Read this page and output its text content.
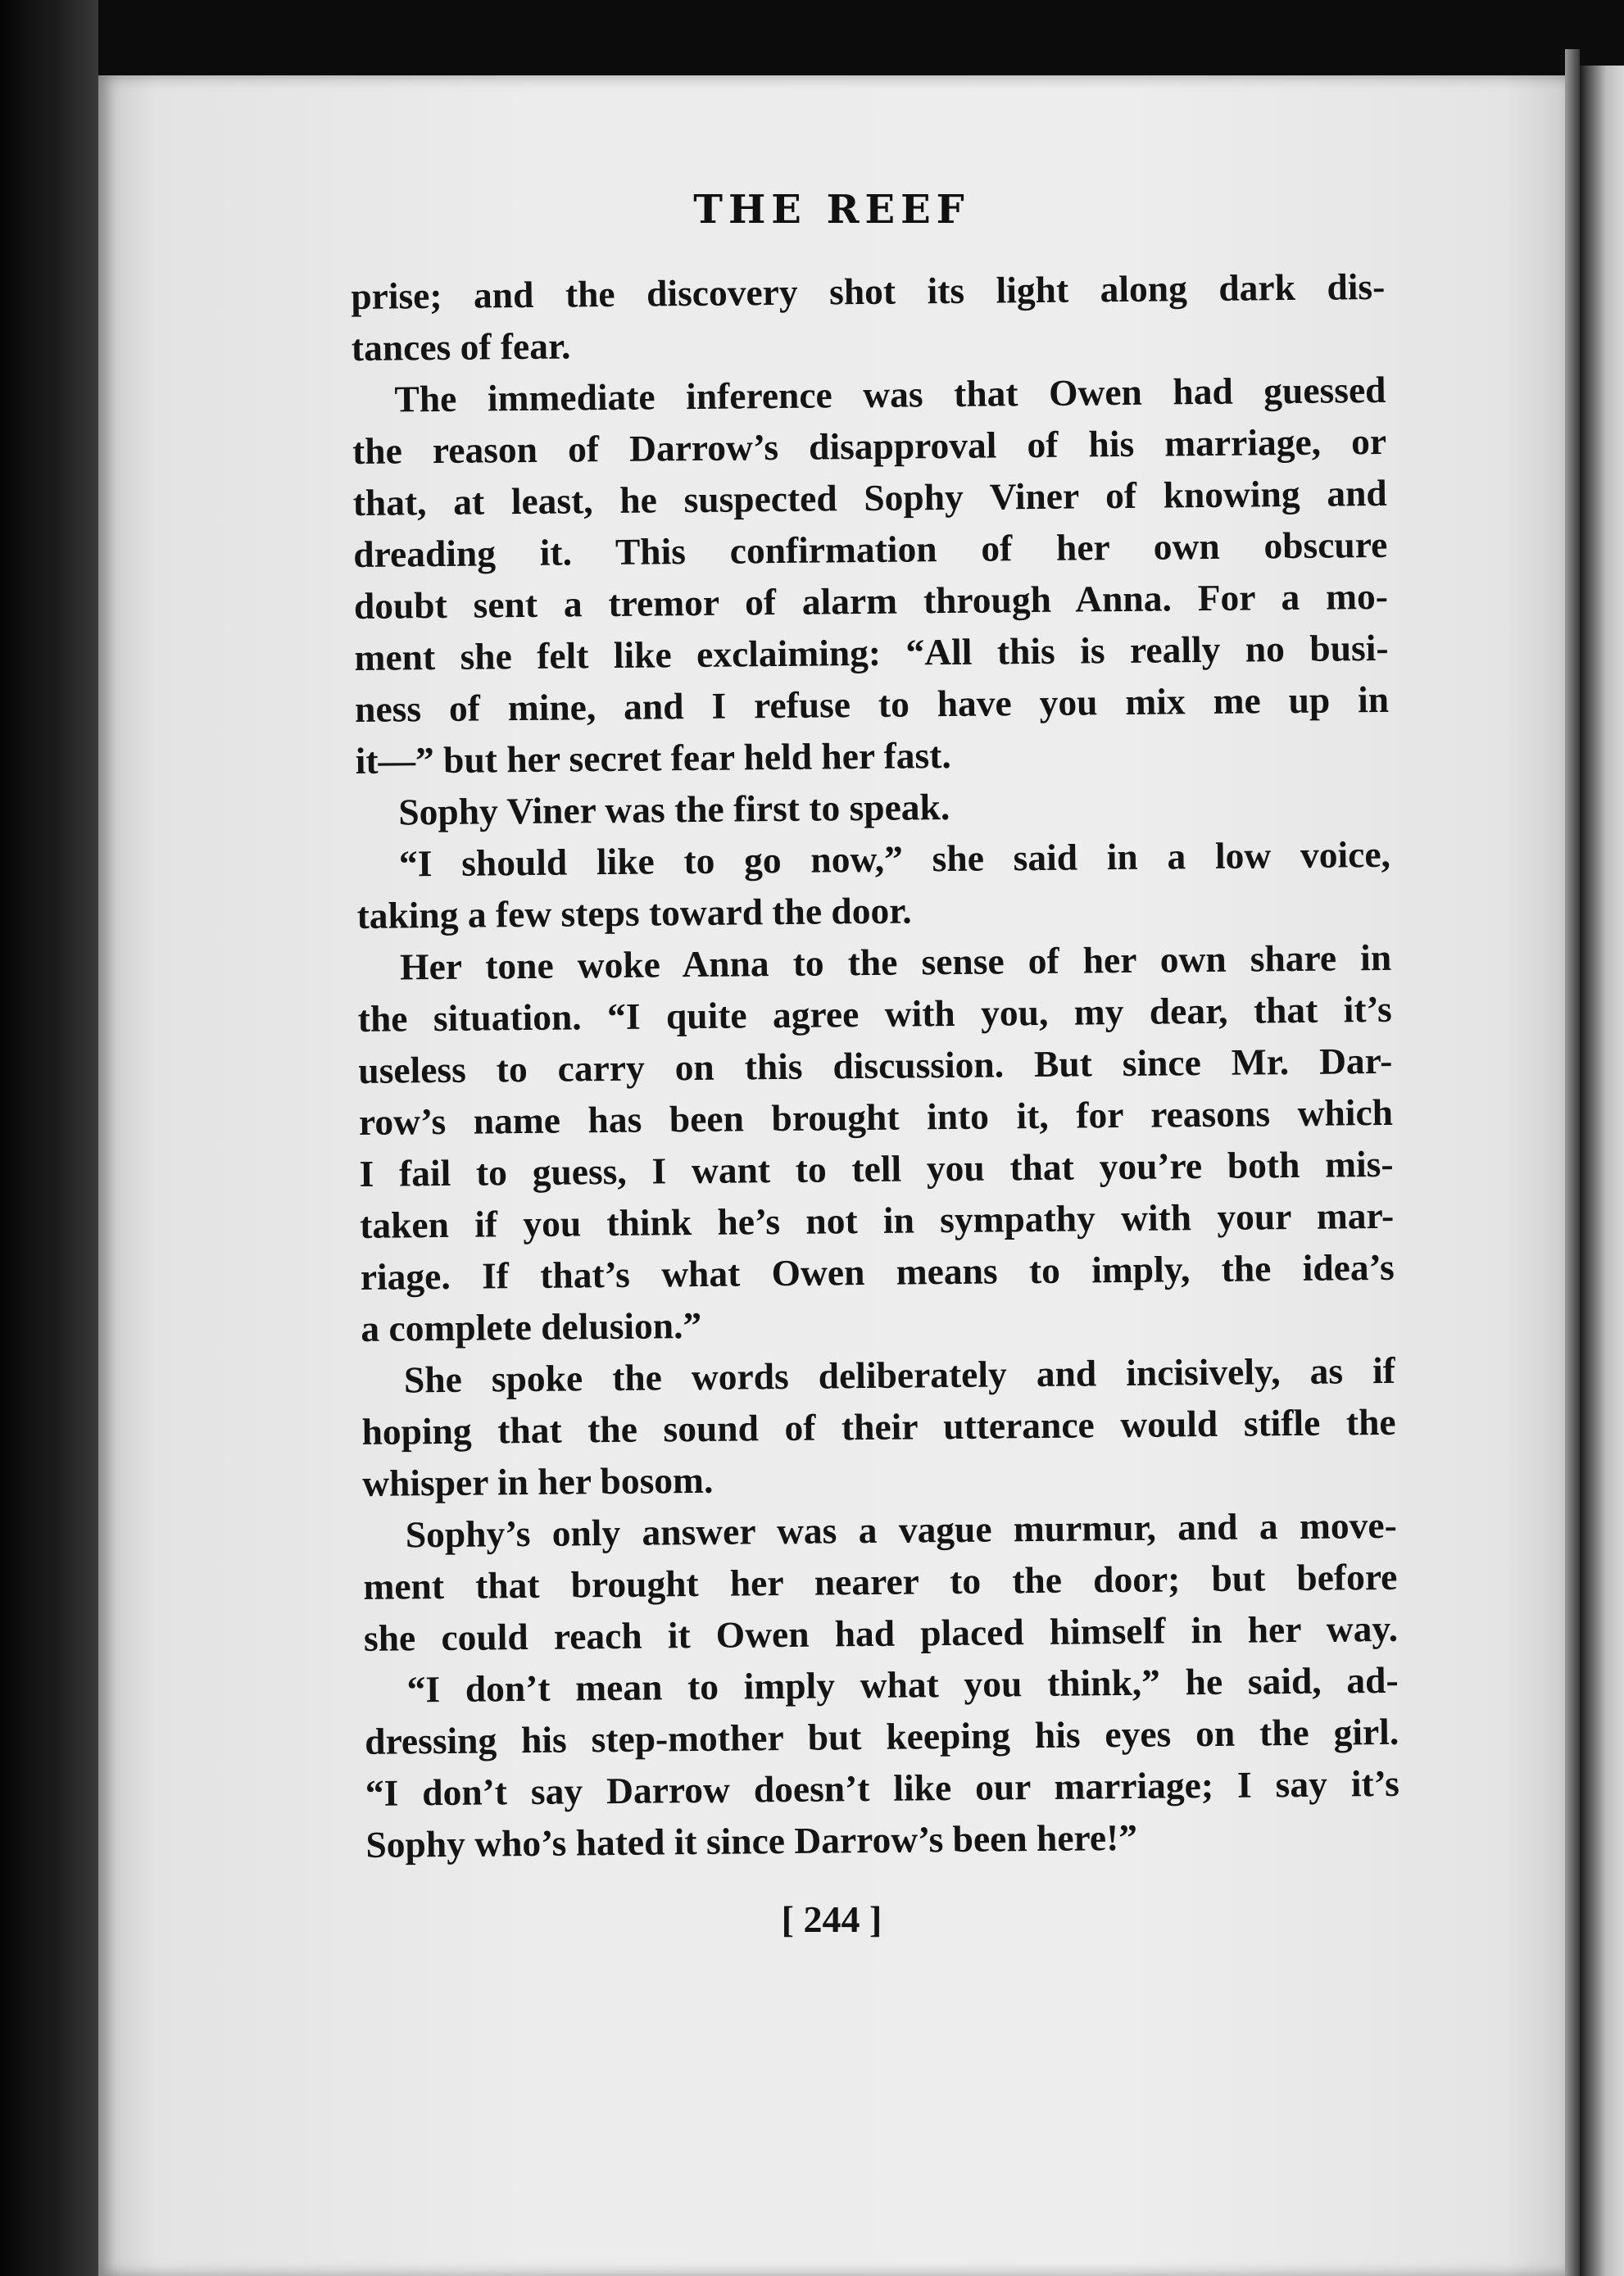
THE REEF
prise; and the discovery shot its light along dark dis-
tances of fear.
The immediate inference was that Owen had guessed
the reason of Darrow’s disapproval of his marriage, or
that, at least, he suspected Sophy Viner of knowing and
dreading it. This confirmation of her own obscure
doubt sent a tremor of alarm through Anna. For a mo-
ment she felt like exclaiming: “All this is really no busi-
ness of mine, and I refuse to have you mix me up in
it—” but her secret fear held her fast.
Sophy Viner was the first to speak.
“I should like to go now,” she said in a low voice,
taking a few steps toward the door.
Her tone woke Anna to the sense of her own share in
the situation. “I quite agree with you, my dear, that it’s
useless to carry on this discussion. But since Mr. Dar-
row’s name has been brought into it, for reasons which
I fail to guess, I want to tell you that you’re both mis-
taken if you think he’s not in sympathy with your mar-
riage. If that’s what Owen means to imply, the idea’s
a complete delusion.”
She spoke the words deliberately and incisively, as if
hoping that the sound of their utterance would stifle the
whisper in her bosom.
Sophy’s only answer was a vague murmur, and a move-
ment that brought her nearer to the door; but before
she could reach it Owen had placed himself in her way.
“I don’t mean to imply what you think,” he said, ad-
dressing his step-mother but keeping his eyes on the girl.
“I don’t say Darrow doesn’t like our marriage; I say it’s
Sophy who’s hated it since Darrow’s been here!”
[ 244 ]
